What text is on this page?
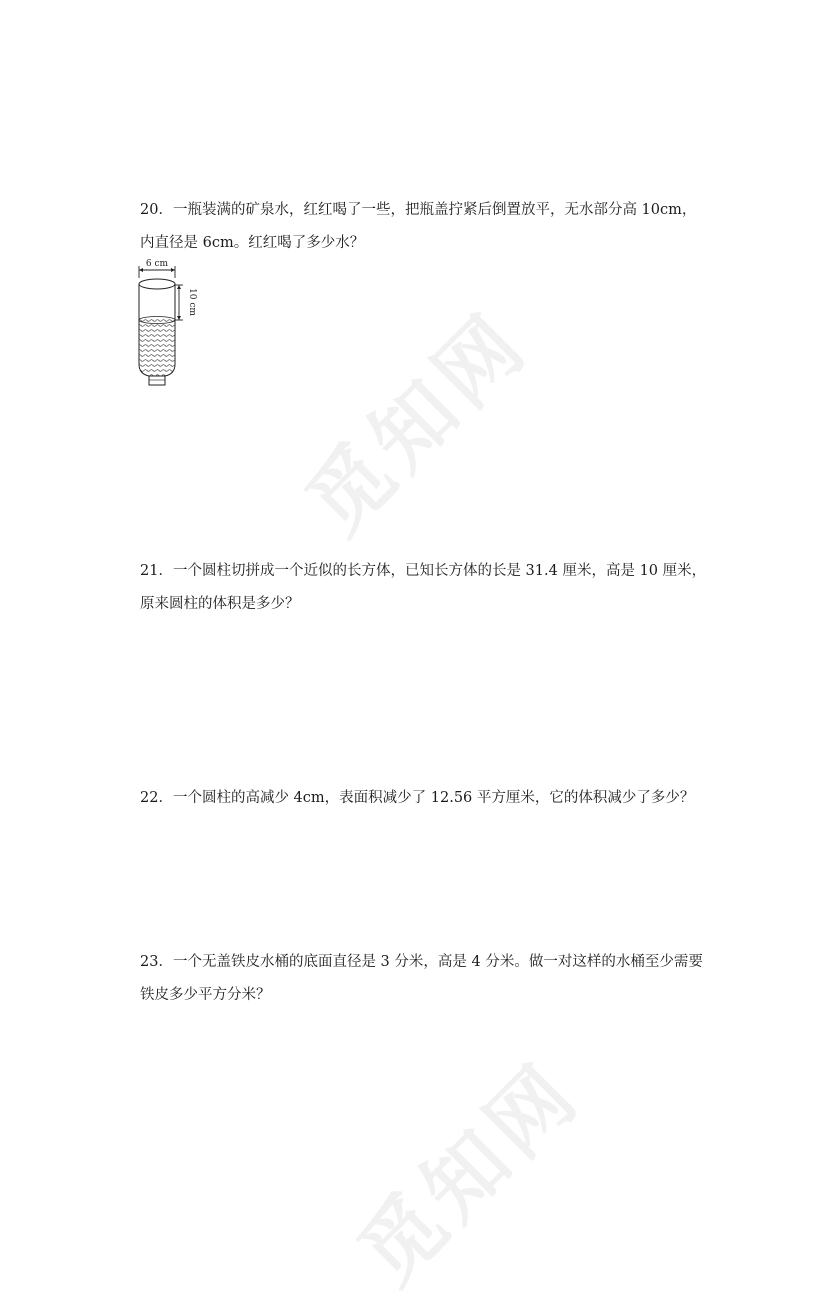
觅知网
觅知网
20．一瓶装满的矿泉水，红红喝了一些，把瓶盖拧紧后倒置放平，无水部分高 10cm，
内直径是 6cm。红红喝了多少水？
6 cm
10 cm
21．一个圆柱切拼成一个近似的长方体，已知长方体的长是 31.4 厘米，高是 10 厘米，
原来圆柱的体积是多少？
22．一个圆柱的高减少 4cm，表面积减少了 12.56 平方厘米，它的体积减少了多少？
23．一个无盖铁皮水桶的底面直径是 3 分米，高是 4 分米。做一对这样的水桶至少需要
铁皮多少平方分米？
